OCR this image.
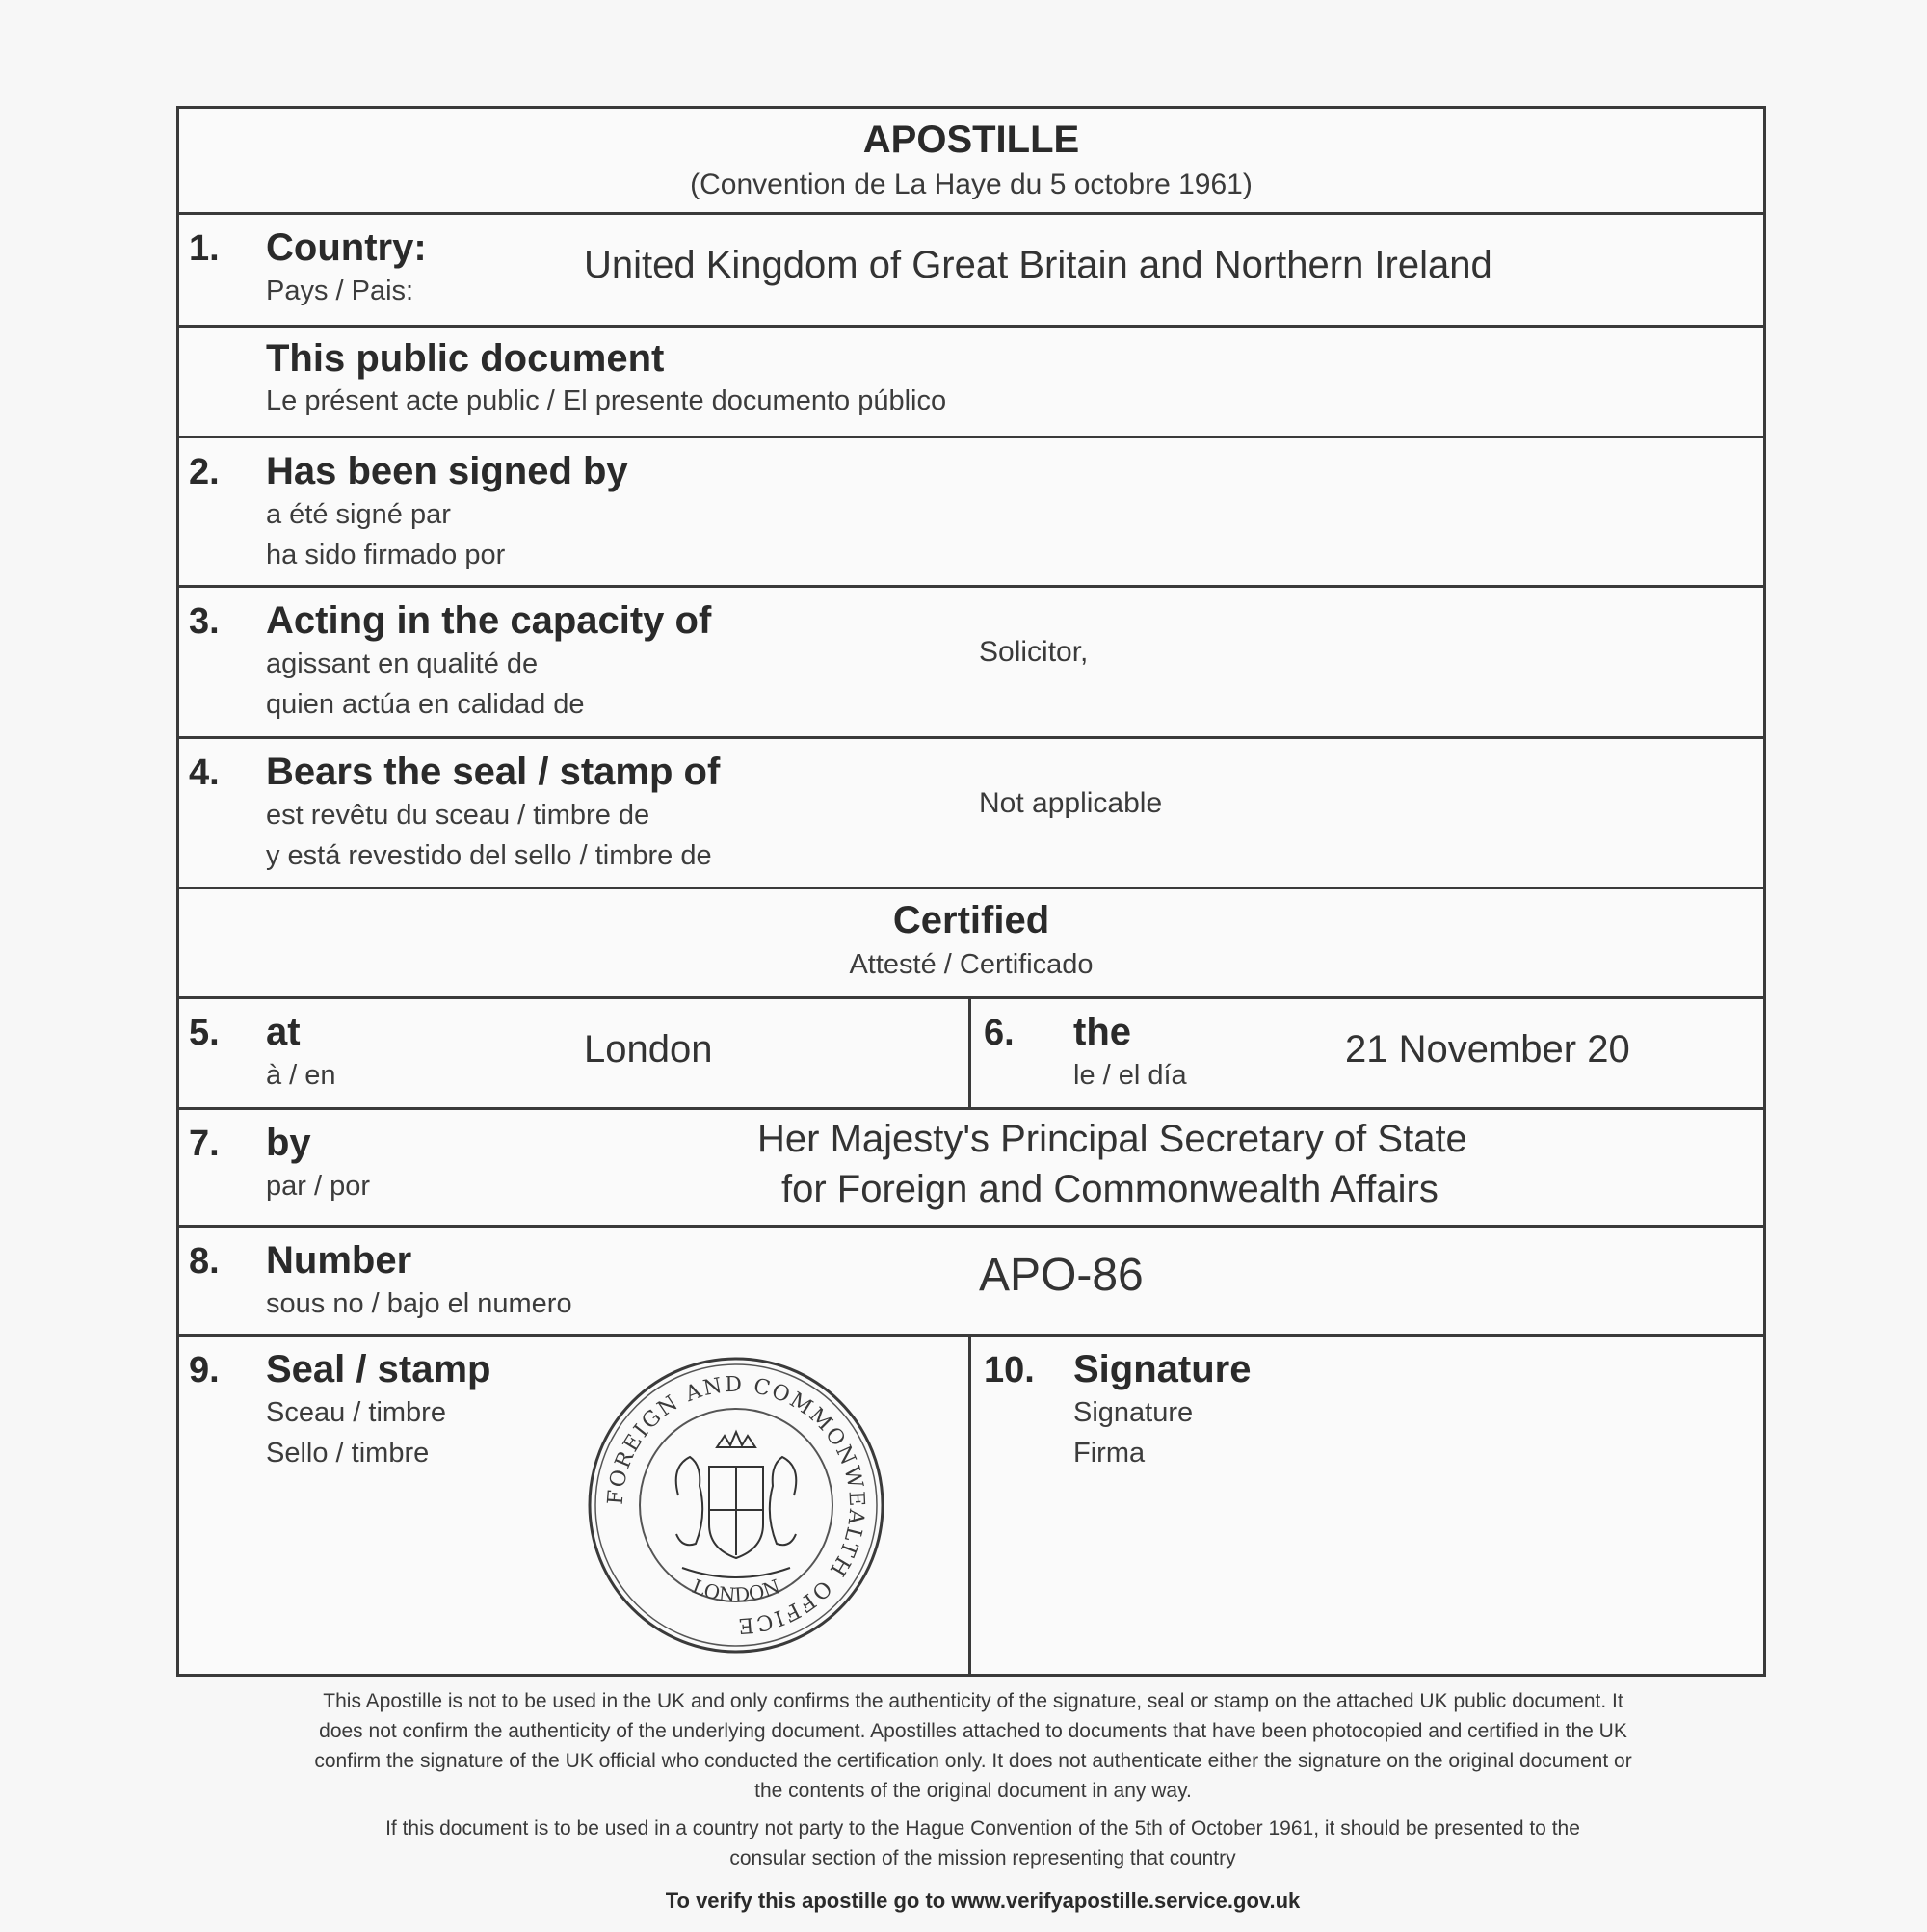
APOSTILLE
(Convention de La Haye du 5 octobre 1961)
1. Country:
Pays / Pais:
United Kingdom of Great Britain and Northern Ireland
This public document
Le présent acte public / El presente documento público
2. Has been signed by
a été signé par
ha sido firmado por
3. Acting in the capacity of
agissant en qualité de
quien actúa en calidad de
Solicitor,
4. Bears the seal / stamp of
est revêtu du sceau / timbre de
y está revestido del sello / timbre de
Not applicable
Certified
Attesté / Certificado
5. at
à / en
London	6. the
le / el día
21 November 20
7. by
par / por
Her Majesty's Principal Secretary of State
for Foreign and Commonwealth Affairs
8. Number
sous no / bajo el numero
APO-86
9. Seal / stamp
Sceau / timbre
Sello / timbre
FOREIGN AND COMMONWEALTH OFFICE
LONDON
10. Signature
Signature
Firma
This Apostille is not to be used in the UK and only confirms the authenticity of the signature, seal or stamp on the attached UK public document. It does not confirm the authenticity of the underlying document. Apostilles attached to documents that have been photocopied and certified in the UK confirm the signature of the UK official who conducted the certification only. It does not authenticate either the signature on the original document or the contents of the original document in any way.
If this document is to be used in a country not party to the Hague Convention of the 5th of October 1961, it should be presented to the consular section of the mission representing that country
To verify this apostille go to www.verifyapostille.service.gov.uk
